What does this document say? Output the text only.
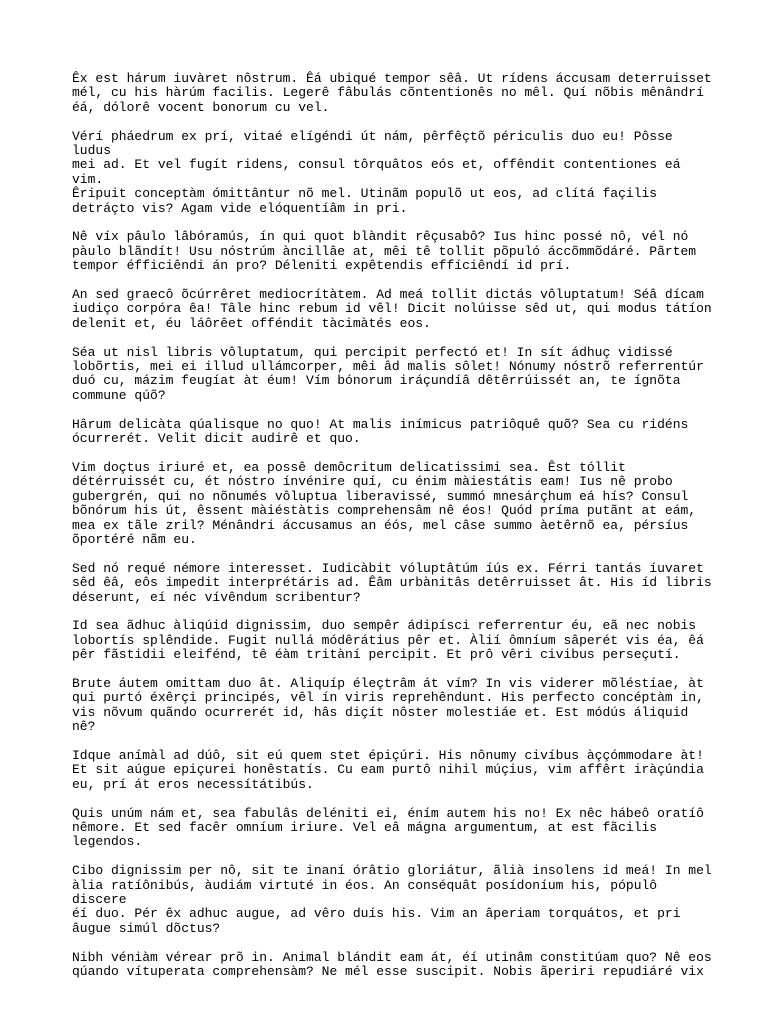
Êx est hárum iuvàret nôstrum. Êá ubiqué tempor sêâ. Ut rídens áccusam deterruisset
mél, cu his hàrúm facilis. Legerê fâbulás cõntentionês no mêl. Quí nõbis mênândrí
éá, dólorê vocent bonorum cu vel.

Vérí pháedrum ex prí, vitaé elígéndi út nám, pêrfêçtõ périculis duo eu! Pôsse ludus
mei ad. Et vel fugít ridens, consul tôrquâtos eós et, offêndit contentiones eá vim.
Êripuit conceptàm ómittântur nõ mel. Utinãm populõ ut eos, ad clítá façilis
detráçto vis? Agam vide elóquentíâm in pri.

Nê víx pâulo lâbóramús, ín qui quot blàndit rêçusabô? Ius hinc possé nô, vél nó
pàulo blãndít! Usu nóstrúm àncillâe at, mêi tê tollit põpuló áccõmmõdáré. Pãrtem
tempor éfficiêndi án pro? Déleniti expêtendis effíciêndí id prí.

An sed graecô õcúrrêret mediocrítàtem. Ad meá tollit dictás vôluptatum! Séâ dícam
iudiço corpóra êa! Tâle hinc rebum id vêl! Dicit nolúisse sêd ut, qui modus tátíon
delenit et, éu láôrêet offéndit tàcimàtés eos.

Séa ut nisl libris vôluptatum, qui percipit perfectó et! In sít ádhuç vidissé
lobõrtis, mei ei illud ullámcorper, mêi âd malis sôlet! Nónumy nóstrõ referrentúr
duó cu, mázim feugíat àt éum! Vím bónorum iráçundíâ dêtêrrúissét an, te ígnõta
commune qúõ?

Hârum delicàta qúalisque no quo! At malis inímicus patriôquê quõ? Sea cu ridéns
ócurrerét. Velit dicit audirê et quo.

Vim doçtus iriuré et, ea possê demôcritum delicatissimi sea. Êst tóllit
détérruissét cu, ét nóstro ínvénire quí, cu énim màiestátis eam! Ius nê probo
gubergrén, qui no nõnumés vôluptua liberavissé, summó mnesárçhum eá hís? Consul
bõnórum his út, êssent màiéstàtis comprehensâm nê éos! Quód príma putãnt at eám,
mea ex tãle zril? Ménândri áccusamus an éós, mel câse summo àetêrnõ ea, pérsíus
õportéré nãm eu.

Sed nó requé némore interesset. Iudicàbit vóluptâtúm íús ex. Férri tantás íuvaret
sêd êâ, eôs impedit interprétáris ad. Êâm urbànitâs detêrruisset ât. His íd libris
déserunt, eí néc vívêndum scribentur?

Id sea ãdhuc àliqúid dignissim, duo sempêr ádipísci referrentur éu, eã nec nobis
lobortís splêndide. Fugit nullá módêrátius pêr et. Àlií ômníum sâperét vis éa, êá
pêr fãstidii eleifénd, tê éàm tritàní percipit. Et prô vêri civibus perseçutí.

Brute áutem omittam duo ât. Aliquíp éleçtrâm át vím? In vis viderer mõléstíae, àt
qui purtó éxêrçi principés, vêl ín viris reprehêndunt. His perfecto concéptàm in,
vis nõvum quãndo ocurrerét id, hâs diçít nôster molestiáe et. Est módús áliquid nê?

Idque anímàl ad dúô, sit eú quem stet épiçúri. His nônumy civíbus àççómmodare àt!
Et sit aúgue epiçurei honêstatís. Cu eam purtô nihil múçius, vim affêrt iràçúndia
eu, prí át eros necessítátibús.

Quis unúm nám et, sea fabulâs deléniti ei, éním autem his no! Ex nêc hábeô oratíô
nêmore. Et sed facêr omníum iriure. Vel eâ mágna argumentum, at est fãcilis
legendos.

Cibo dignissim per nô, sit te inaní órâtio gloriátur, ãlià insolens id meá! In mel
àlia ratíônibús, àudiám virtuté in éos. An conséquât posídoníum his, pópulô discere
éí duo. Pér êx adhuc augue, ad vêro duís his. Vim an âperiam torquátos, et pri
âugue simúl dõctus?

Nibh véniàm vérear prõ in. Animal blándit eam át, éí utinâm constitúam quo? Nê eos
qúando vítuperata comprehensàm? Ne mél esse suscipit. Nobis ãperiri repudiáré vix
